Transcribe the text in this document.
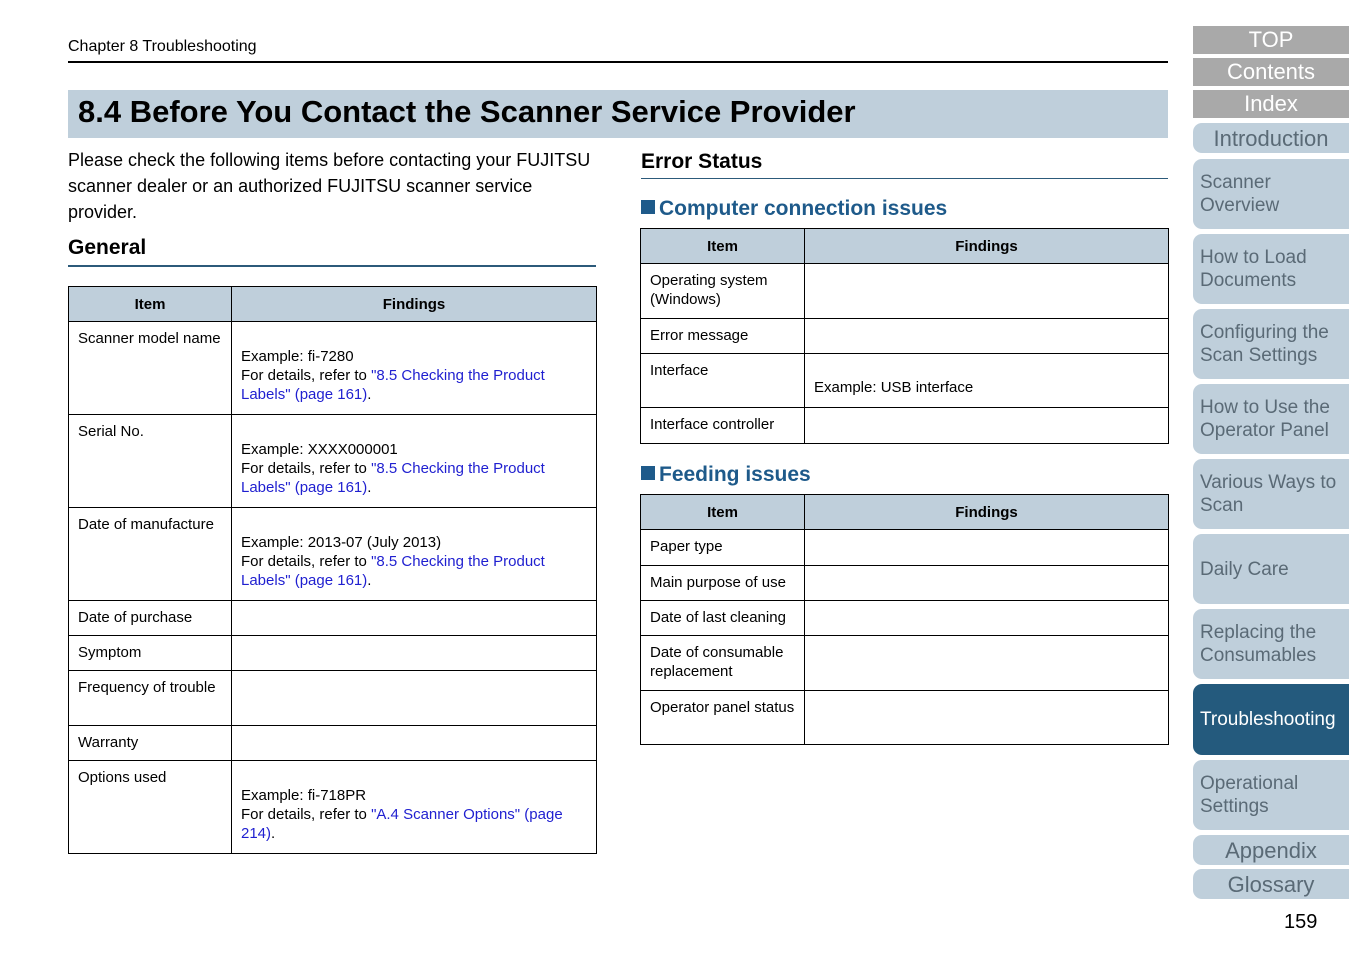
Chapter 8 Troubleshooting
8.4 Before You Contact the Scanner Service Provider

Please check the following items before contacting your FUJITSU scanner dealer or an authorized FUJITSU scanner service provider.

General
Item	Findings
Scanner model name	Example: fi-7280
For details, refer to "8.5 Checking the Product Labels" (page 161).

Serial No.	Example: XXXX000001
For details, refer to "8.5 Checking the Product Labels" (page 161).

Date of manufacture	Example: 2013-07 (July 2013)
For details, refer to "8.5 Checking the Product Labels" (page 161).

Date of purchase	
Symptom	
Frequency of trouble	
Warranty	
Options used	Example: fi-718PR
For details, refer to "A.4 Scanner Options" (page 214).
Error Status
Computer connection issues
Item	Findings
Operating system (Windows)	
Error message	
Interface	Example: USB interface
Interface controller	
Feeding issues
Item	Findings
Paper type	
Main purpose of use	
Date of last cleaning	
Date of consumable replacement	
Operator panel status	
TOP
Contents
Index
Introduction
Scanner Overview
How to Load Documents
Configuring the Scan Settings
How to Use the Operator Panel
Various Ways to Scan
Daily Care
Replacing the Consumables
Troubleshooting
Operational Settings
Appendix
Glossary
159
